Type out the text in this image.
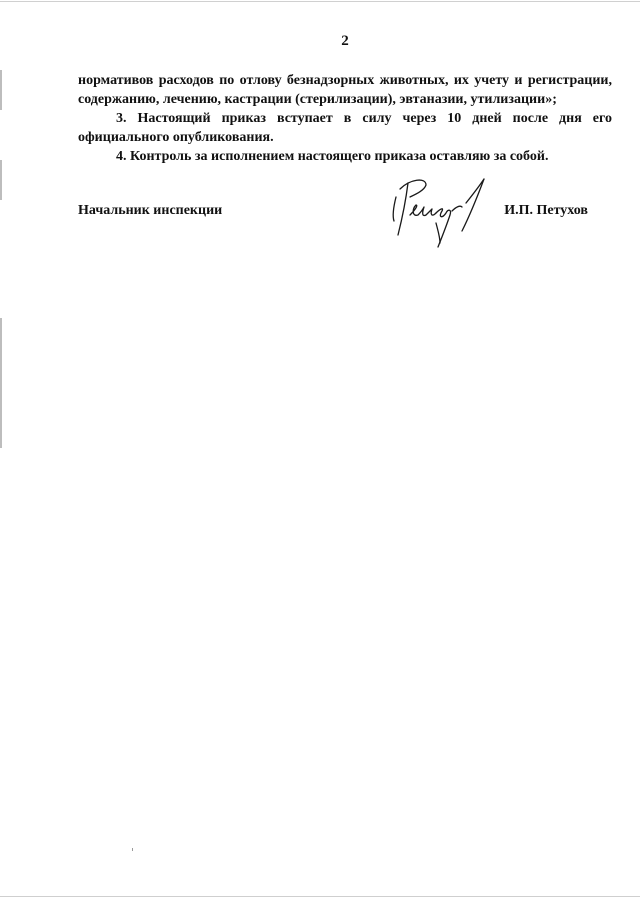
2

нормативов расходов по отлову безнадзорных животных, их учету и регистрации,

содержанию, лечению, кастрации (стерилизации), эвтаназии, утилизации»;

3. Настоящий приказ вступает в силу через 10 дней после дня его

официального опубликования.

4. Контроль за исполнением настоящего приказа оставляю за собой.

Начальник инспекции	И.П. Петухов
